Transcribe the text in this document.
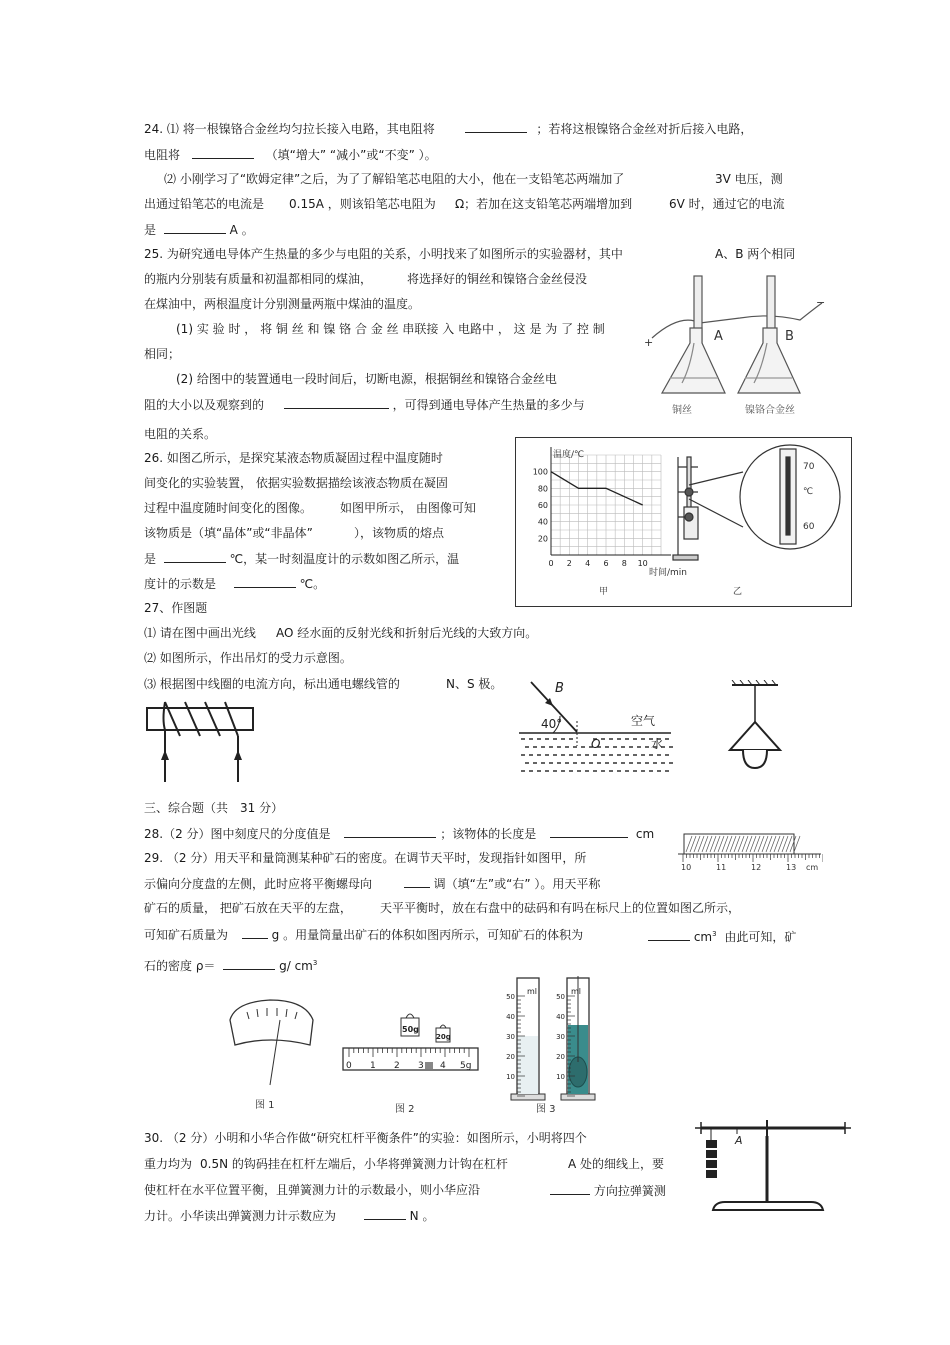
24. ⑴ 将一根镍铬合金丝均匀拉长接入电路，其电阻将	；若将这根镍铬合金丝对折后接入电路，
电阻将	（填“增大” “减小”或“不变” ）。
⑵ 小刚学习了“欧姆定律”之后，为了了解铅笔芯电阻的大小，他在一支铅笔芯两端加了	3V 电压，测
出通过铅笔芯的电流是 0.15A ，则该铅笔芯电阻为 Ω；若加在这支铅笔芯两端增加到	6V 时，通过它的电流
是	A 。
25. 为研究通电导体产生热量的多少与电阻的关系，小明找来了如图所示的实验器材，其中	A、B 两个相同
的瓶内分别装有质量和初温都相同的煤油，	将选择好的铜丝和镍铬合金丝侵没
在煤油中，两根温度计分别测量两瓶中煤油的温度。
(1) 实 验 时 ， 将 铜 丝 和 镍 铬 合 金 丝 串联接 入 电路中 ， 这 是 为 了 控 制
相同；
(2) 给图中的装置通电一段时间后，切断电源，根据铜丝和镍铬合金丝电
阻的大小以及观察到的	，可得到通电导体产生热量的多少与
电阻的关系。
A	B
+
−
铜丝	镍铬合金丝
26. 如图乙所示，是探究某液态物质凝固过程中温度随时
间变化的实验装置， 依据实验数据描绘该液态物质在凝固
过程中温度随时间变化的图像。 如图甲所示， 由图像可知
该物质是（填“晶体”或“非晶体”	），该物质的熔点
是	℃，某一时刻温度计的示数如图乙所示，温
度计的示数是	℃。
100
80
60
40
20
0 2 4 6 8 10
温度/℃
时间/min
甲	乙
70
℃
60
27、作图题
⑴ 请在图中画出光线 AO 经水面的反射光线和折射后光线的大致方向。
⑵ 如图所示，作出吊灯的受力示意图。
⑶ 根据图中线圈的电流方向，标出通电螺线管的	N、S 极。	B
40°
O
空气
水
三、综合题（共　31 分）
28.（2 分）图中刻度尺的分度值是	；该物体的长度是	cm
10	11	12	13 cm
29. （2 分）用天平和量筒测某种矿石的密度。在调节天平时，发现指针如图甲，所
示偏向分度盘的左侧，此时应将平衡螺母向	调（填“左”或“右” ）。用天平称
矿石的质量， 把矿石放在天平的左盘， 天平平衡时，放在右盘中的砝码和有吗在标尺上的位置如图乙所示，
可知矿石质量为	g 。用量筒量出矿石的体积如图丙所示，可知矿石的体积为	$cm^3$ 由此可知，矿
石的密度 ρ＝	g/ $cm^3$
图 1
50g
20g
0 1 2 3 4 5g
图 2
ml	ml
50
40
30
20
10
50
40
30
20
10
图 3
30. （2 分）小明和小华合作做“研究杠杆平衡条件”的实验：如图所示，小明将四个
重力均为 0.5N 的钩码挂在杠杆左端后，小华将弹簧测力计钩在杠杆	A 处的细线上，要
使杠杆在水平位置平衡，且弹簧测力计的示数最小，则小华应沿	方向拉弹簧测
力计。小华读出弹簧测力计示数应为	N 。
A
